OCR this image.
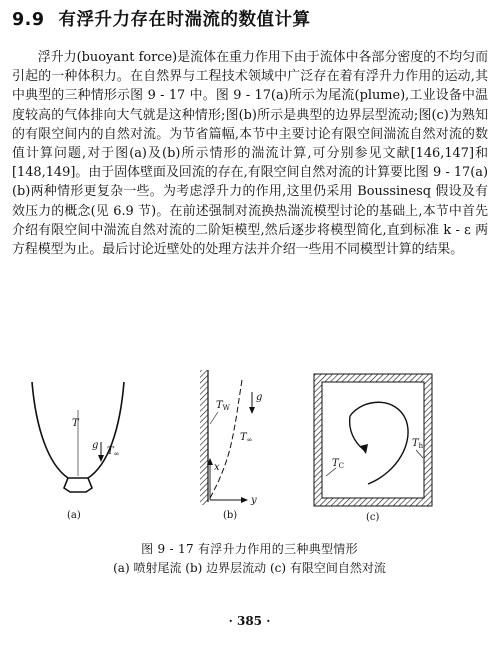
9.9 有浮升力存在时湍流的数值计算

浮升力(buoyant force)是流体在重力作用下由于流体中各部分密度的不均匀而引起的一种体积力。在自然界与工程技术领域中广泛存在着有浮升力作用的运动,其中典型的三种情形示图 9 - 17 中。图 9 - 17(a)所示为尾流(plume),工业设备中温度较高的气体排向大气就是这种情形;图(b)所示是典型的边界层型流动;图(c)为熟知的有限空间内的自然对流。为节省篇幅,本节中主要讨论有限空间湍流自然对流的数值计算问题,对于图(a)及(b)所示情形的湍流计算,可分别参见文献[146,147]和[148,149]。由于固体壁面及回流的存在,有限空间自然对流的计算要比图 9 - 17(a) (b)两种情形更复杂一些。为考虑浮升力的作用,这里仍采用 Boussinesq 假设及有效压力的概念(见 6.9 节)。在前述强制对流换热湍流模型讨论的基础上,本节中首先介绍有限空间中湍流自然对流的二阶矩模型,然后逐步将模型简化,直到标准 k - ε 两方程模型为止。最后讨论近壁处的处理方法并介绍一些用不同模型计算的结果。

T
g
$T_\infty$
(a)
$T_W$
g
$T_\infty$
x
y
(b)
$T_C$
$T_h$
(c)
图 9 - 17 有浮升力作用的三种典型情形
(a) 喷射尾流 (b) 边界层流动 (c) 有限空间自然对流
· 385 ·
